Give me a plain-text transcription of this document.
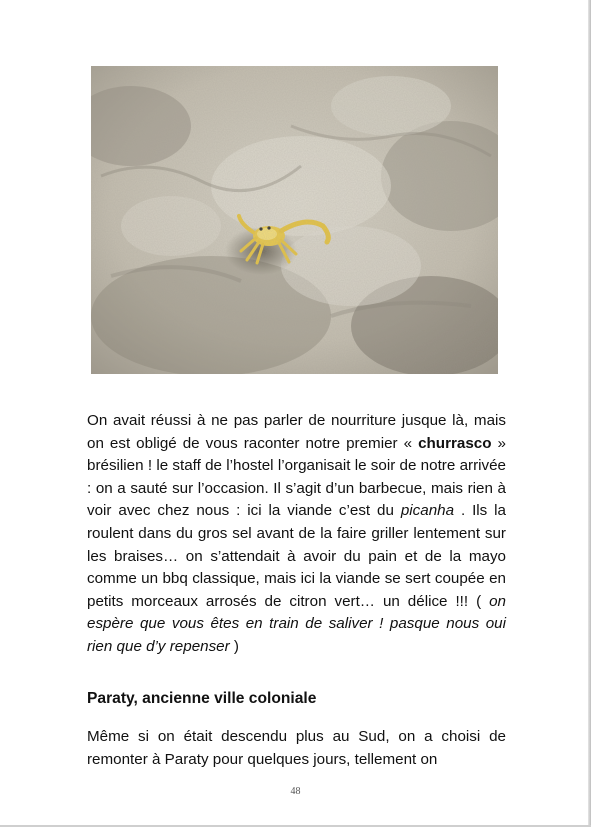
On avait réussi à ne pas parler de nourriture jusque là, mais on est obligé de vous raconter notre premier « churrasco » brésilien ! le staff de l’hostel l’organisait le soir de notre arrivée : on a sauté sur l’occasion. Il s’agit d’un barbecue, mais rien à voir avec chez nous : ici la viande c’est du picanha . Ils la roulent dans du gros sel avant de la faire griller lentement sur les braises… on s’attendait à avoir du pain et de la mayo comme un bbq classique, mais ici la viande se sert coupée en petits morceaux arrosés de citron vert… un délice !!! ( on espère que vous êtes en train de saliver ! pasque nous oui rien que d’y repenser )

Paraty, ancienne ville coloniale

Même si on était descendu plus au Sud, on a choisi de remonter à Paraty pour quelques jours, tellement on

48
